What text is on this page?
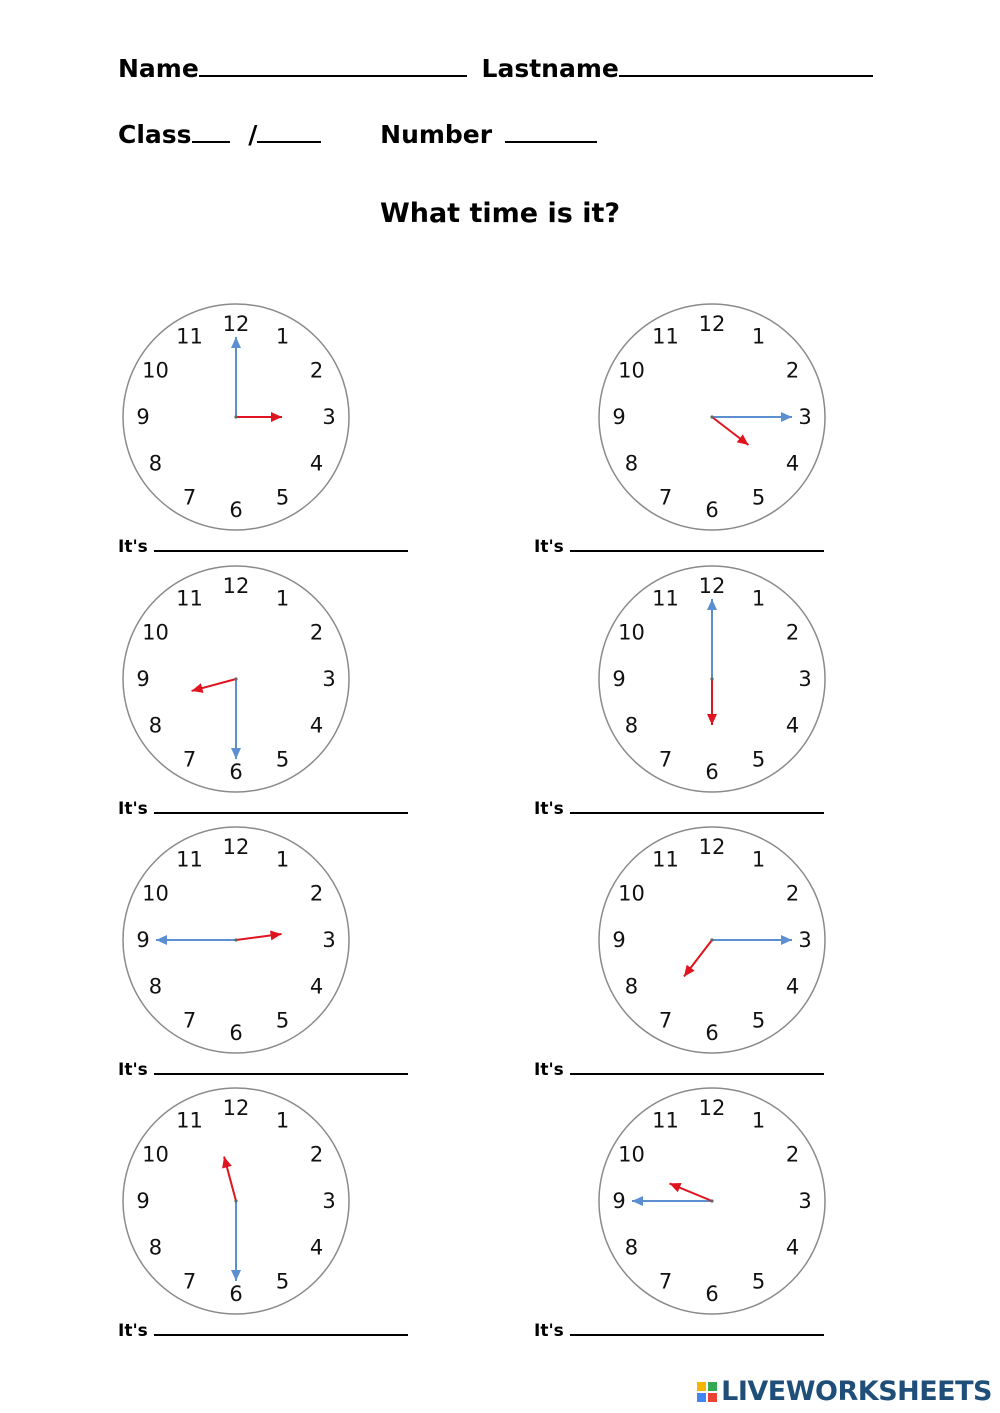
Name	Lastname
Class /	Number
What time is it?
12
1
2
3
4
5
6
7
8
9
10
11
12
1
2
3
4
5
6
7
8
9
10
11
12
1
2
3
4
5
6
7
8
9
10
11
12
1
2
3
4
5
6
7
8
9
10
11
12
1
2
3
4
5
6
7
8
9
10
11
12
1
2
3
4
5
6
7
8
9
10
11
12
1
2
3
4
5
6
7
8
9
10
11
12
1
2
3
4
5
6
7
8
9
10
11
It's	It's
It's	It's
It's	It's
It's	It's
LIVEWORKSHEETS
